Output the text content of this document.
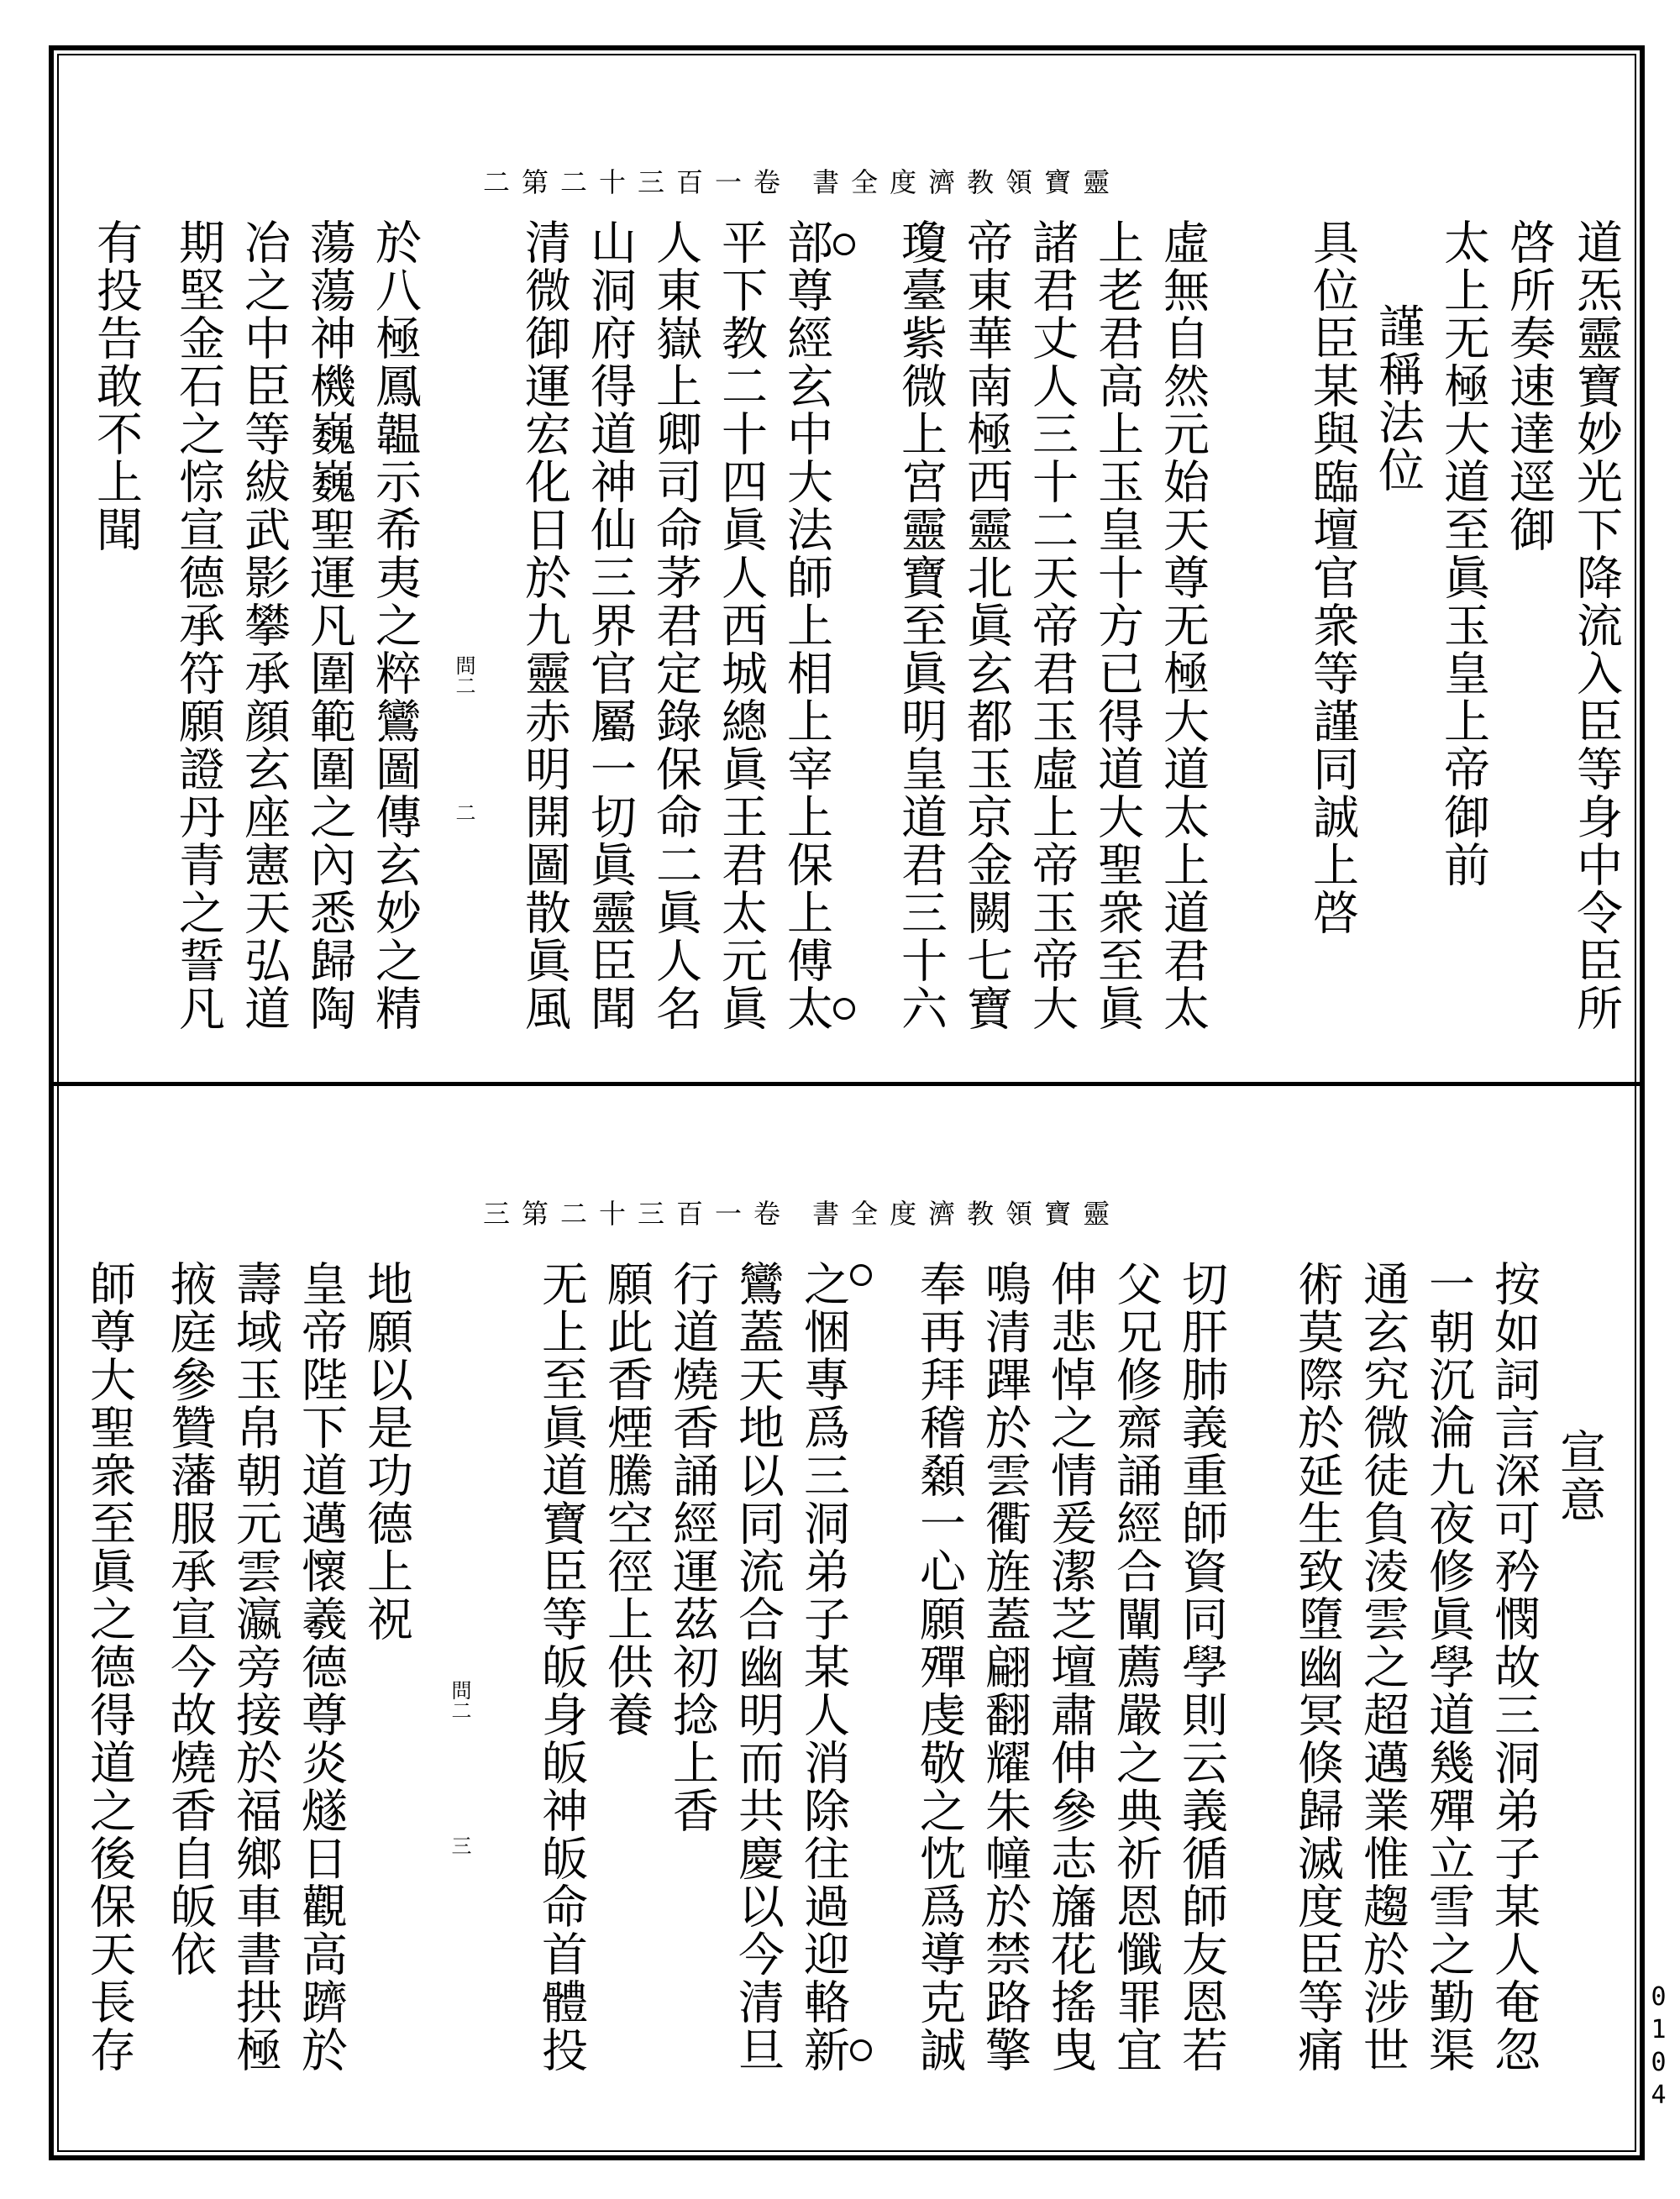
二第二十三百一卷 書全度濟教領寶靈
道炁靈寶妙光下降流入臣等身中令臣所
啓所奏速達逕御
太上无極大道至眞玉皇上帝御前
謹稱法位
具位臣某與臨壇官衆等謹同誠上啓
虛無自然元始天尊无極大道太上道君太
上老君高上玉皇十方已得道大聖衆至眞
諸君丈人三十二天帝君玉虛上帝玉帝大
帝東華南極西靈北眞玄都玉京金闕七寶
瓊臺紫微上宮靈寶至眞明皇道君三十六
部尊經玄中大法師上相上宰上保上傅太
平下教二十四眞人西城總眞王君太元眞
人東嶽上卿司命茅君定錄保命二眞人名
山洞府得道神仙三界官屬一切眞靈臣聞
清微御運宏化日於九靈赤明開圖散眞風
於八極鳳韞示希夷之粹鸞圖傳玄妙之精
蕩蕩神機巍巍聖運凡圍範圍之內悉歸陶
冶之中臣等紱武影攀承顔玄座憲天弘道
期堅金石之悰宣德承符願證丹青之誓凡
有投告敢不上聞
問二
二
三第二十三百一卷 書全度濟教領寶靈
宣意
按如詞言深可矜憫故三洞弟子某人奄忽
一朝沉淪九夜修眞學道幾殫立雪之勤渠
通玄究微徒負淩雲之超邁業惟趨於涉世
術莫際於延生致墮幽冥倏歸滅度臣等痛
切肝肺義重師資同學則云義循師友恩若
父兄修齋誦經合闡薦嚴之典祈恩懺罪宜
伸悲悼之情爰潔芝壇肅伸參志旛花搖曳
鳴清蹕於雲衢旌蓋翩翻耀朱幢於禁路擎
奉再拜稽顙一心願殫虔敬之忱爲導克誠
之悃專爲三洞弟子某人消除往過迎輅新
鸞蓋天地以同流合幽明而共慶以今清旦
行道燒香誦經運茲初捻上香
願此香煙騰空徑上供養
无上至眞道寶臣等皈身皈神皈命首體投
地願以是功德上祝
皇帝陛下道邁懷羲德尊炎燧日觀高躋於
壽域玉帛朝元雲瀛旁接於福鄉車書拱極
掖庭參贊藩服承宣今故燒香自皈依
師尊大聖衆至眞之德得道之後保天長存	問二
三
0104
